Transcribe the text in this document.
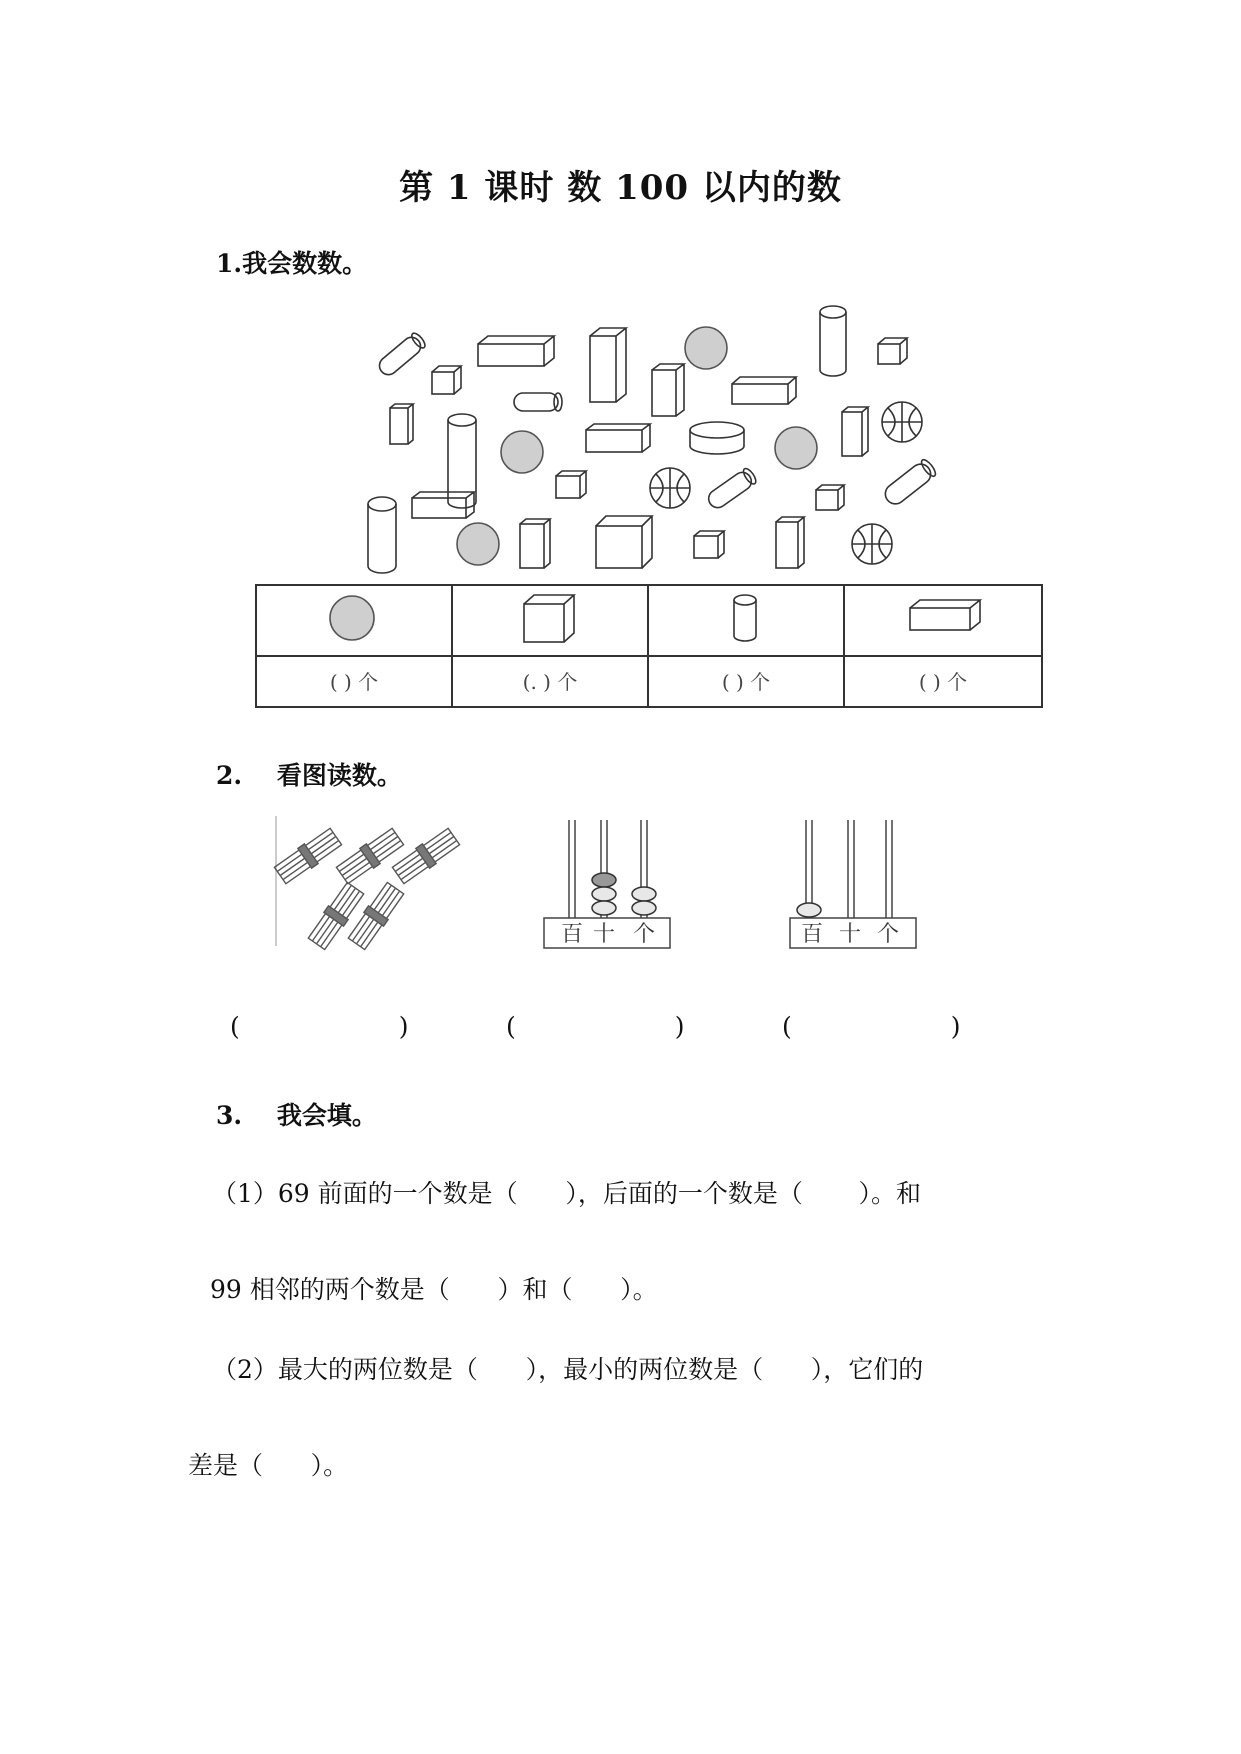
第 1 课时 数 100 以内的数
1.我会数数。
( ) 个	(. ) 个	( ) 个	( ) 个
2.    看图读数。
百 十 个	百 十 个
(                    )	(                    )	(                    )
3.    我会填。
（1）69 前面的一个数是（      ），后面的一个数是（       ）。和
99 相邻的两个数是（      ）和（      ）。
（2）最大的两位数是（      ），最小的两位数是（      ），它们的
差是（      ）。
